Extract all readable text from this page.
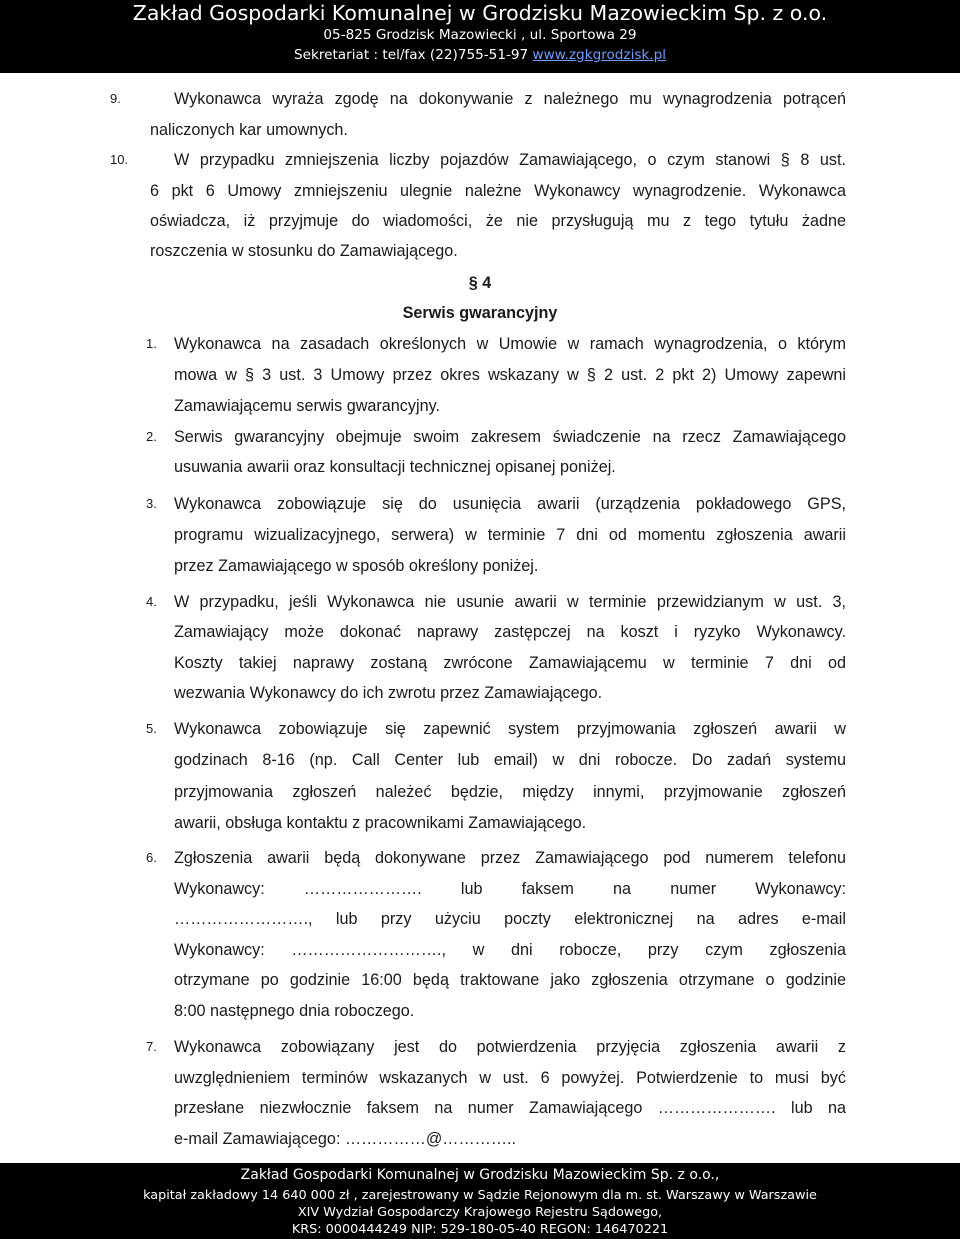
Zakład Gospodarki Komunalnej w Grodzisku Mazowieckim Sp. z o.o.
05-825 Grodzisk Mazowiecki , ul. Sportowa 29
Sekretariat : tel/fax (22)755-51-97 www.zgkgrodzisk.pl
9.	Wykonawca wyraża zgodę na dokonywanie z należnego mu wynagrodzenia potrąceń
naliczonych kar umownych.
10.	W przypadku zmniejszenia liczby pojazdów Zamawiającego, o czym stanowi § 8 ust.
6 pkt 6 Umowy zmniejszeniu ulegnie należne Wykonawcy wynagrodzenie. Wykonawca
oświadcza, iż przyjmuje do wiadomości, że nie przysługują mu z tego tytułu żadne
roszczenia w stosunku do Zamawiającego.
§ 4
Serwis gwarancyjny
1. Wykonawca na zasadach określonych w Umowie w ramach wynagrodzenia, o którym
mowa w § 3 ust. 3 Umowy przez okres wskazany w § 2 ust. 2 pkt 2) Umowy zapewni
Zamawiającemu serwis gwarancyjny.
2. Serwis gwarancyjny obejmuje swoim zakresem świadczenie na rzecz Zamawiającego
usuwania awarii oraz konsultacji technicznej opisanej poniżej.
3. Wykonawca zobowiązuje się do usunięcia awarii (urządzenia pokładowego GPS,
programu wizualizacyjnego, serwera) w terminie 7 dni od momentu zgłoszenia awarii
przez Zamawiającego w sposób określony poniżej.
4. W przypadku, jeśli Wykonawca nie usunie awarii w terminie przewidzianym w ust. 3,
Zamawiający może dokonać naprawy zastępczej na koszt i ryzyko Wykonawcy.
Koszty takiej naprawy zostaną zwrócone Zamawiającemu w terminie 7 dni od
wezwania Wykonawcy do ich zwrotu przez Zamawiającego.
5. Wykonawca zobowiązuje się zapewnić system przyjmowania zgłoszeń awarii w
godzinach 8-16 (np. Call Center lub email) w dni robocze. Do zadań systemu
przyjmowania zgłoszeń należeć będzie, między innymi, przyjmowanie zgłoszeń
awarii, obsługa kontaktu z pracownikami Zamawiającego.
6. Zgłoszenia awarii będą dokonywane przez Zamawiającego pod numerem telefonu
Wykonawcy: …………………. lub faksem na numer Wykonawcy:
……………………., lub przy użyciu poczty elektronicznej na adres e-mail
Wykonawcy: ………………………., w dni robocze, przy czym zgłoszenia
otrzymane po godzinie 16:00 będą traktowane jako zgłoszenia otrzymane o godzinie
8:00 następnego dnia roboczego.
7. Wykonawca zobowiązany jest do potwierdzenia przyjęcia zgłoszenia awarii z
uwzględnieniem terminów wskazanych w ust. 6 powyżej. Potwierdzenie to musi być
przesłane niezwłocznie faksem na numer Zamawiającego …………………. lub na
e-mail Zamawiającego: ……………@…………..
Zakład Gospodarki Komunalnej w Grodzisku Mazowieckim Sp. z o.o.,
kapitał zakładowy 14 640 000 zł , zarejestrowany w Sądzie Rejonowym dla m. st. Warszawy w Warszawie
XIV Wydział Gospodarczy Krajowego Rejestru Sądowego,
KRS: 0000444249 NIP: 529-180-05-40 REGON: 146470221
